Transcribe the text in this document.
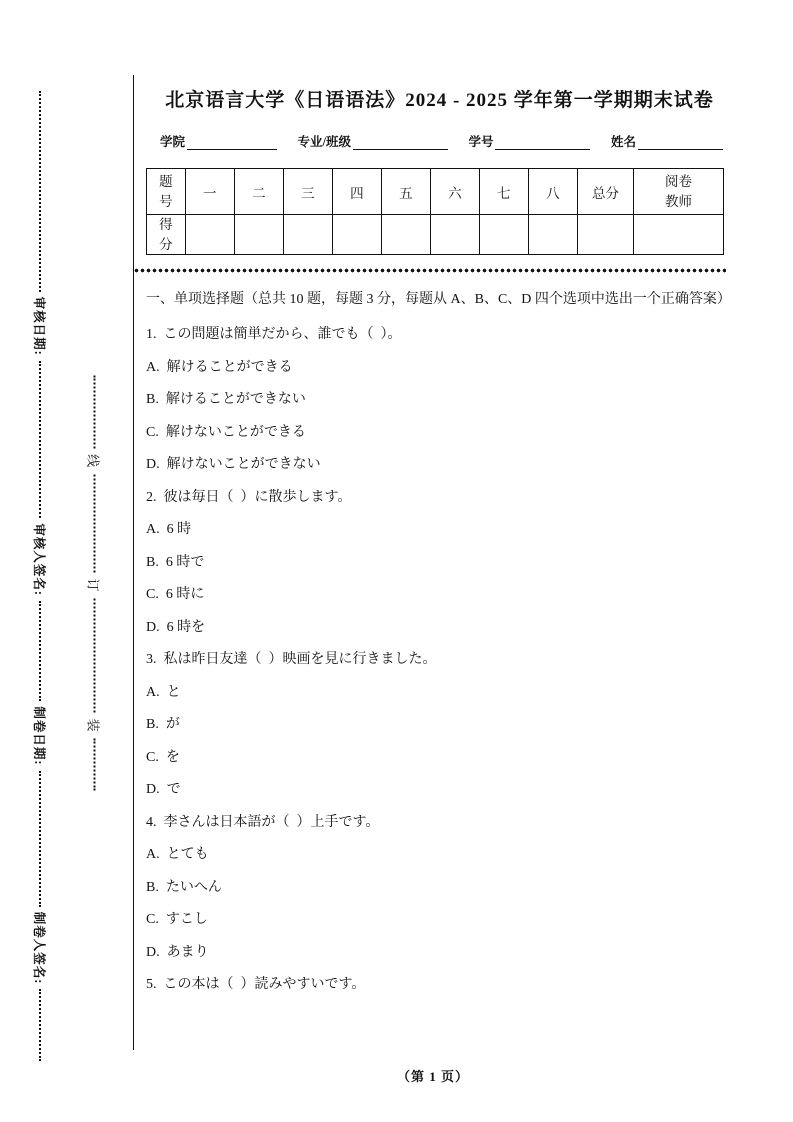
审核日期:
审核人签名:
制卷日期:
制卷人签名:
线
订
装
北京语言大学《日语语法》2024 - 2025 学年第一学期期末试卷
学院	专业/班级	学号	姓名
题号	一	二	三	四	五	六	七	八	总分	阅卷教师
得分										
一、单项选择题（总共 10 题，每题 3 分，每题从 A、B、C、D 四个选项中选出一个正确答案）
1.  この問題は簡単だから、誰でも（  ）。
A.  解けることができる
B.  解けることができない
C.  解けないことができる
D.  解けないことができない
2.  彼は毎日（  ）に散歩します。
A.  6 時
B.  6 時で
C.  6 時に
D.  6 時を
3.  私は昨日友達（  ）映画を見に行きました。
A.  と
B.  が
C.  を
D.  で
4.  李さんは日本語が（  ）上手です。
A.  とても
B.  たいへん
C.  すこし
D.  あまり
5.  この本は（  ）読みやすいです。
（第 1 页）
